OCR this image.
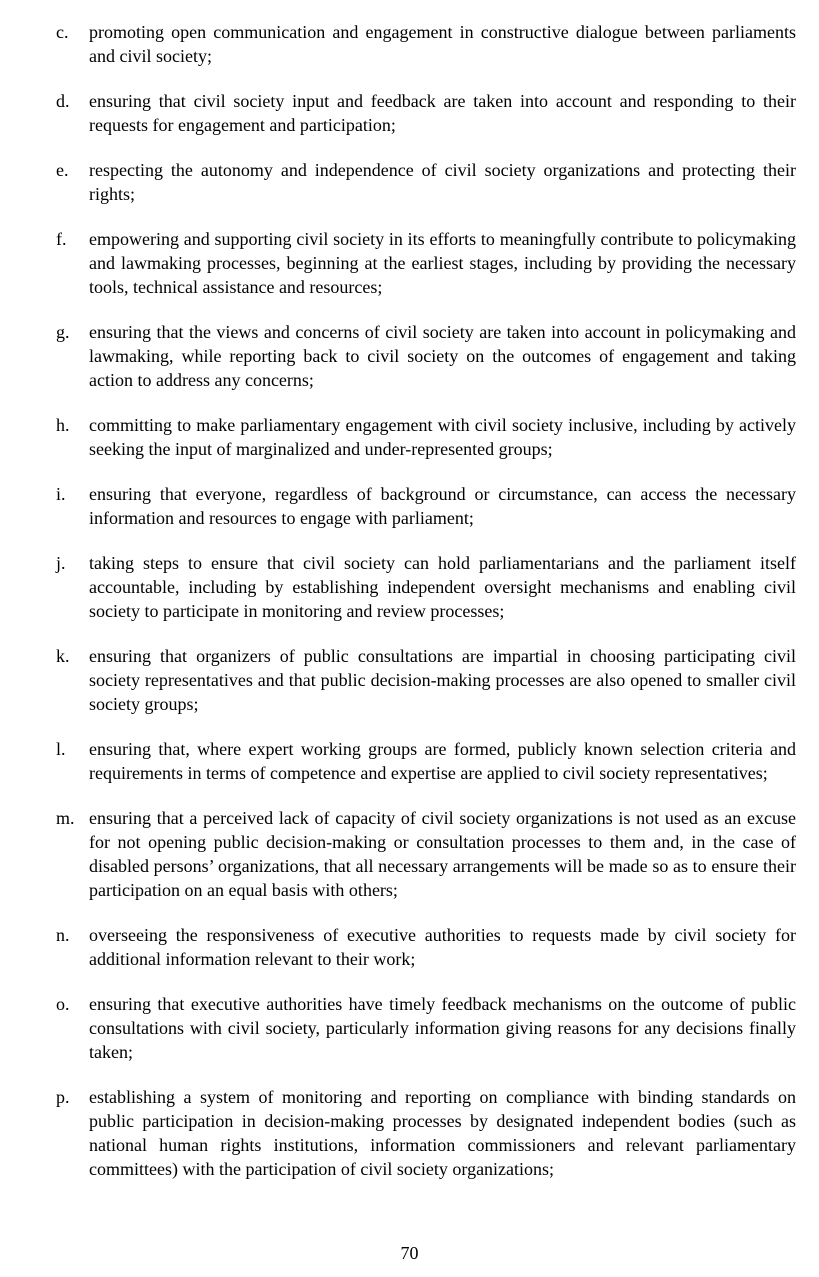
c.	promoting open communication and engagement in constructive dialogue between parliaments and civil society;
d.	ensuring that civil society input and feedback are taken into account and responding to their requests for engagement and participation;
e.	respecting the autonomy and independence of civil society organizations and protecting their rights;
f.	empowering and supporting civil society in its efforts to meaningfully contribute to policymaking and lawmaking processes, beginning at the earliest stages, including by providing the necessary tools, technical assistance and resources;
g.	ensuring that the views and concerns of civil society are taken into account in policymaking and lawmaking, while reporting back to civil society on the outcomes of engagement and taking action to address any concerns;
h.	committing to make parliamentary engagement with civil society inclusive, including by actively seeking the input of marginalized and under-represented groups;
i.	ensuring that everyone, regardless of background or circumstance, can access the necessary information and resources to engage with parliament;
j.	taking steps to ensure that civil society can hold parliamentarians and the parliament itself accountable, including by establishing independent oversight mechanisms and enabling civil society to participate in monitoring and review processes;
k.	ensuring that organizers of public consultations are impartial in choosing participating civil society representatives and that public decision-making processes are also opened to smaller civil society groups;
l.	ensuring that, where expert working groups are formed, publicly known selection criteria and requirements in terms of competence and expertise are applied to civil society representatives;
m. ensuring that a perceived lack of capacity of civil society organizations is not used as an excuse for not opening public decision-making or consultation processes to them and, in the case of disabled persons’ organizations, that all necessary arrangements will be made so as to ensure their participation on an equal basis with others;
n.	overseeing the responsiveness of executive authorities to requests made by civil society for additional information relevant to their work;
o.	ensuring that executive authorities have timely feedback mechanisms on the outcome of public consultations with civil society, particularly information giving reasons for any decisions finally taken;
p.	establishing a system of monitoring and reporting on compliance with binding standards on public participation in decision-making processes by designated independent bodies (such as national human rights institutions, information commissioners and relevant parliamentary committees) with the participation of civil society organizations;
70
